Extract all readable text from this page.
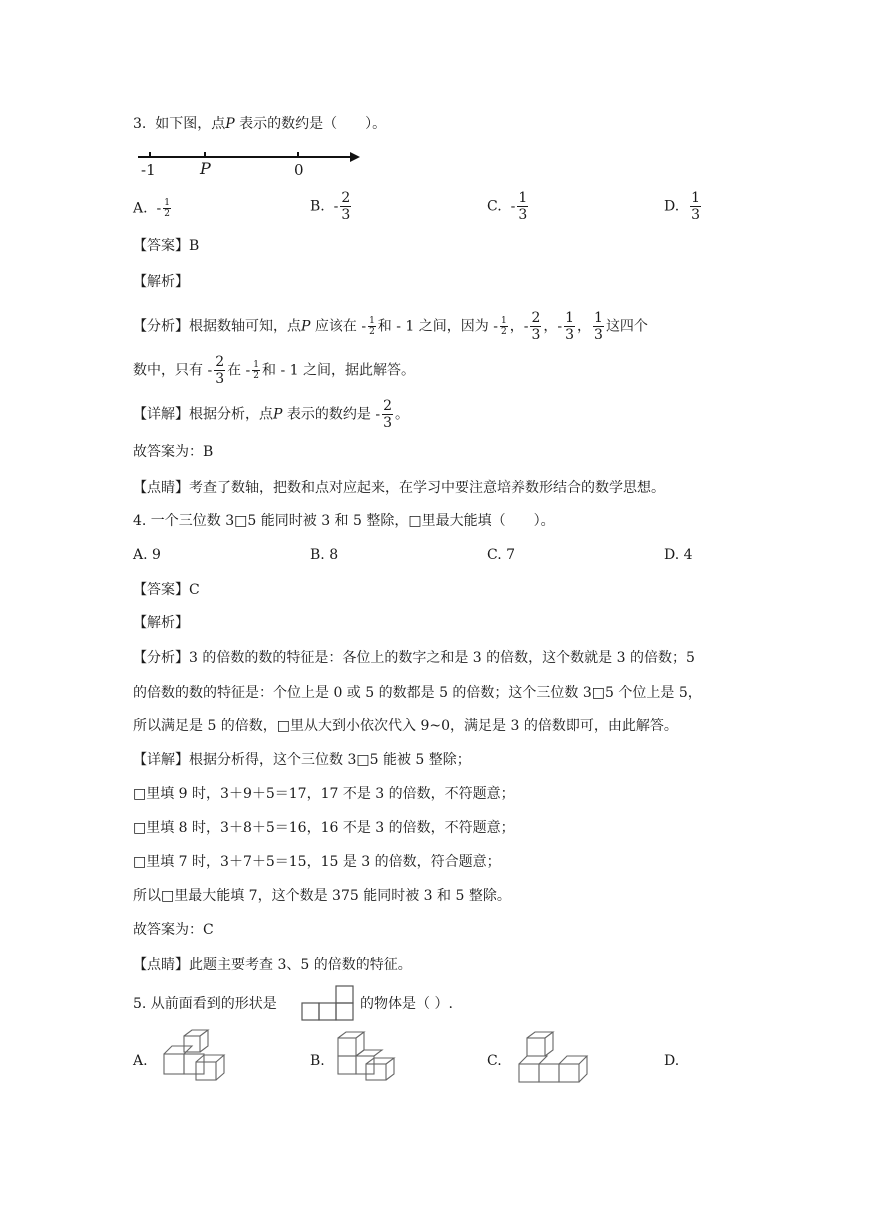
3. 如下图，点P 表示的数约是（　　）。
-1	P	0
A. - $\frac{1}{2}$	B. - $\frac{2}{3}$	C. - $\frac{1}{3}$	D. $\frac{1}{3}$
【答案】B
【解析】
【分析】根据数轴可知，点P 应该在 - $\frac{1}{2}$ 和 - 1 之间，因为 - $\frac{1}{2}$ ，- $\frac{2}{3}$ ，- $\frac{1}{3}$ ， $\frac{1}{3}$ 这四个
数中，只有 - $\frac{2}{3}$ 在 - $\frac{1}{2}$ 和 - 1 之间，据此解答。
【详解】根据分析，点P 表示的数约是 - $\frac{2}{3}$ 。
故答案为：B
【点睛】考查了数轴，把数和点对应起来，在学习中要注意培养数形结合的数学思想。
4. 一个三位数 3□5 能同时被 3 和 5 整除，□里最大能填（　　）。
A. 9	B. 8	C. 7	D. 4
【答案】C
【解析】
【分析】3 的倍数的数的特征是：各位上的数字之和是 3 的倍数，这个数就是 3 的倍数；5
的倍数的数的特征是：个位上是 0 或 5 的数都是 5 的倍数；这个三位数 3□5 个位上是 5，
所以满足是 5 的倍数，□里从大到小依次代入 9~0，满足是 3 的倍数即可，由此解答。
【详解】根据分析得，这个三位数 3□5 能被 5 整除；
□里填 9 时，3＋9＋5＝17，17 不是 3 的倍数，不符题意；
□里填 8 时，3＋8＋5＝16，16 不是 3 的倍数，不符题意；
□里填 7 时，3＋7＋5＝15，15 是 3 的倍数，符合题意；
所以□里最大能填 7，这个数是 375 能同时被 3 和 5 整除。
故答案为：C
【点睛】此题主要考查 3、5 的倍数的特征。
5. 从前面看到的形状是	的物体是（ ）.
A.	B.	C.	D.
